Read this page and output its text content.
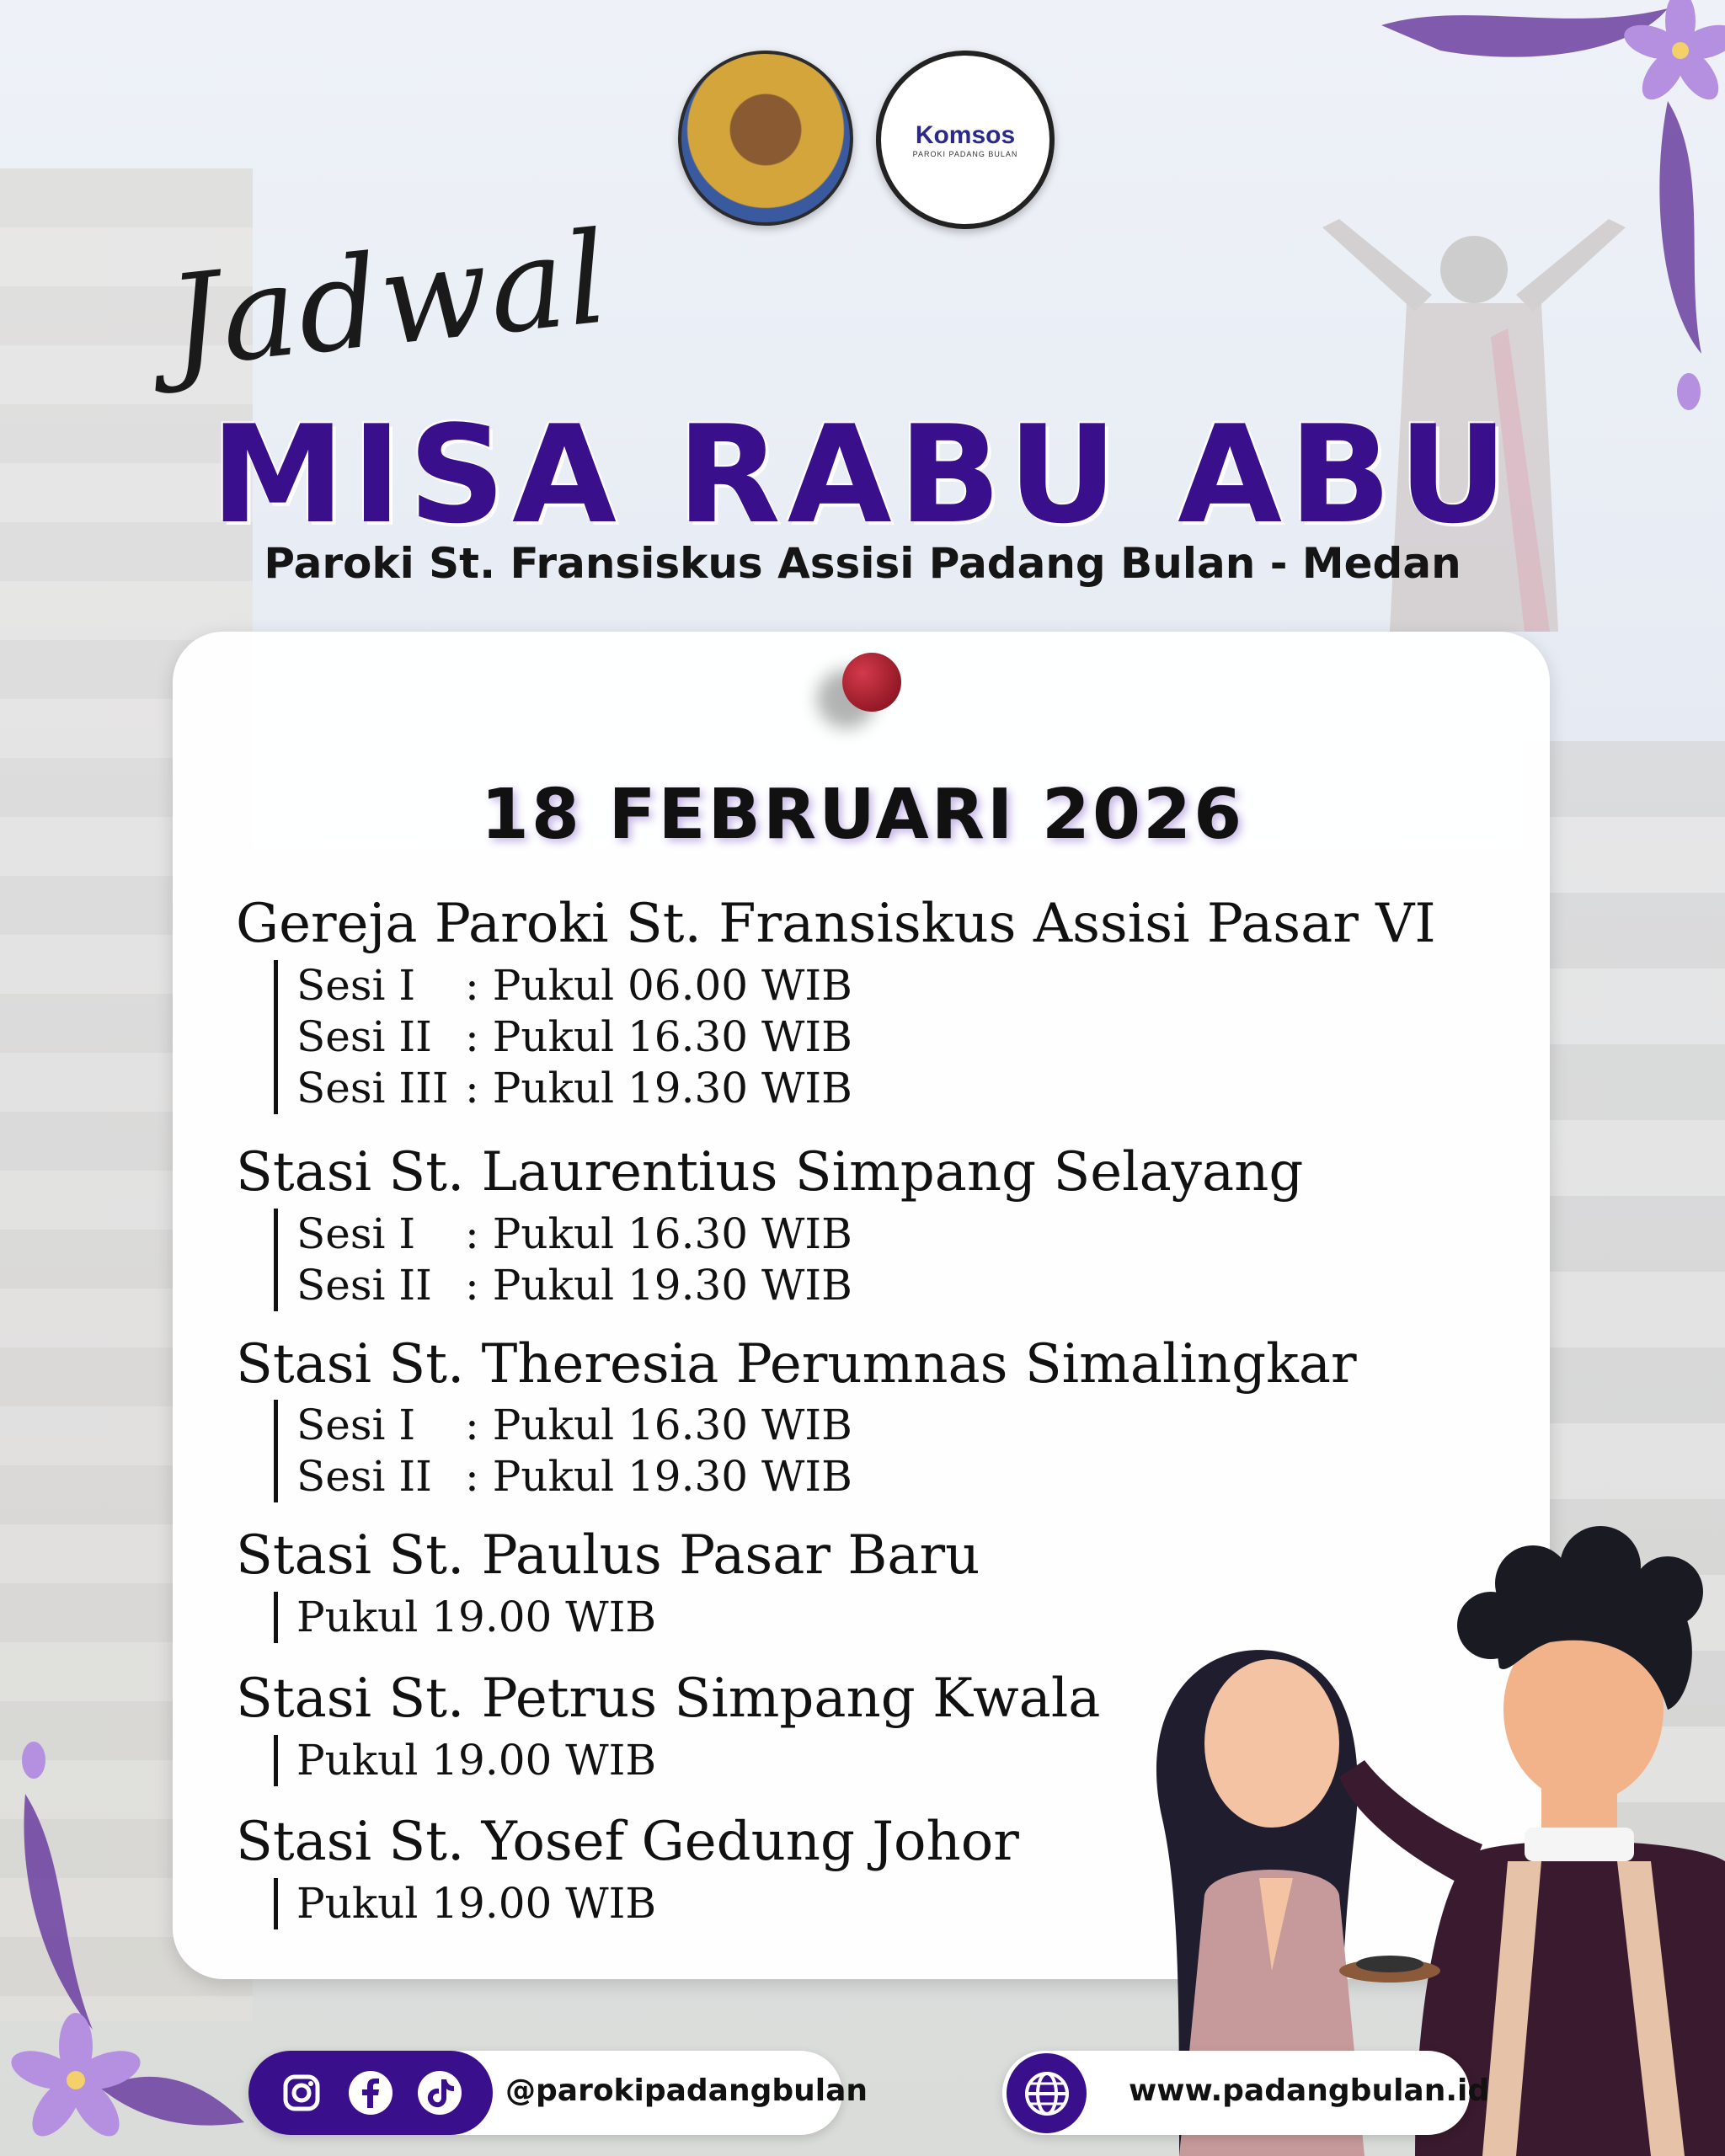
Komsos
PAROKI PADANG BULAN
Jadwal
MISA RABU ABU
Paroki St. Fransiskus Assisi Padang Bulan - Medan
18 FEBRUARI 2026
Gereja Paroki St. Fransiskus Assisi Pasar VI
Sesi I	: Pukul 06.00 WIB
Sesi II : Pukul 16.30 WIB
Sesi III : Pukul 19.30 WIB
Stasi St. Laurentius Simpang Selayang
Sesi I	: Pukul 16.30 WIB
Sesi II : Pukul 19.30 WIB
Stasi St. Theresia Perumnas Simalingkar
Sesi I	: Pukul 16.30 WIB
Sesi II : Pukul 19.30 WIB
Stasi St. Paulus Pasar Baru
Pukul 19.00 WIB
Stasi St. Petrus Simpang Kwala
Pukul 19.00 WIB
Stasi St. Yosef Gedung Johor
Pukul 19.00 WIB
@parokipadangbulan	www.padangbulan.id
